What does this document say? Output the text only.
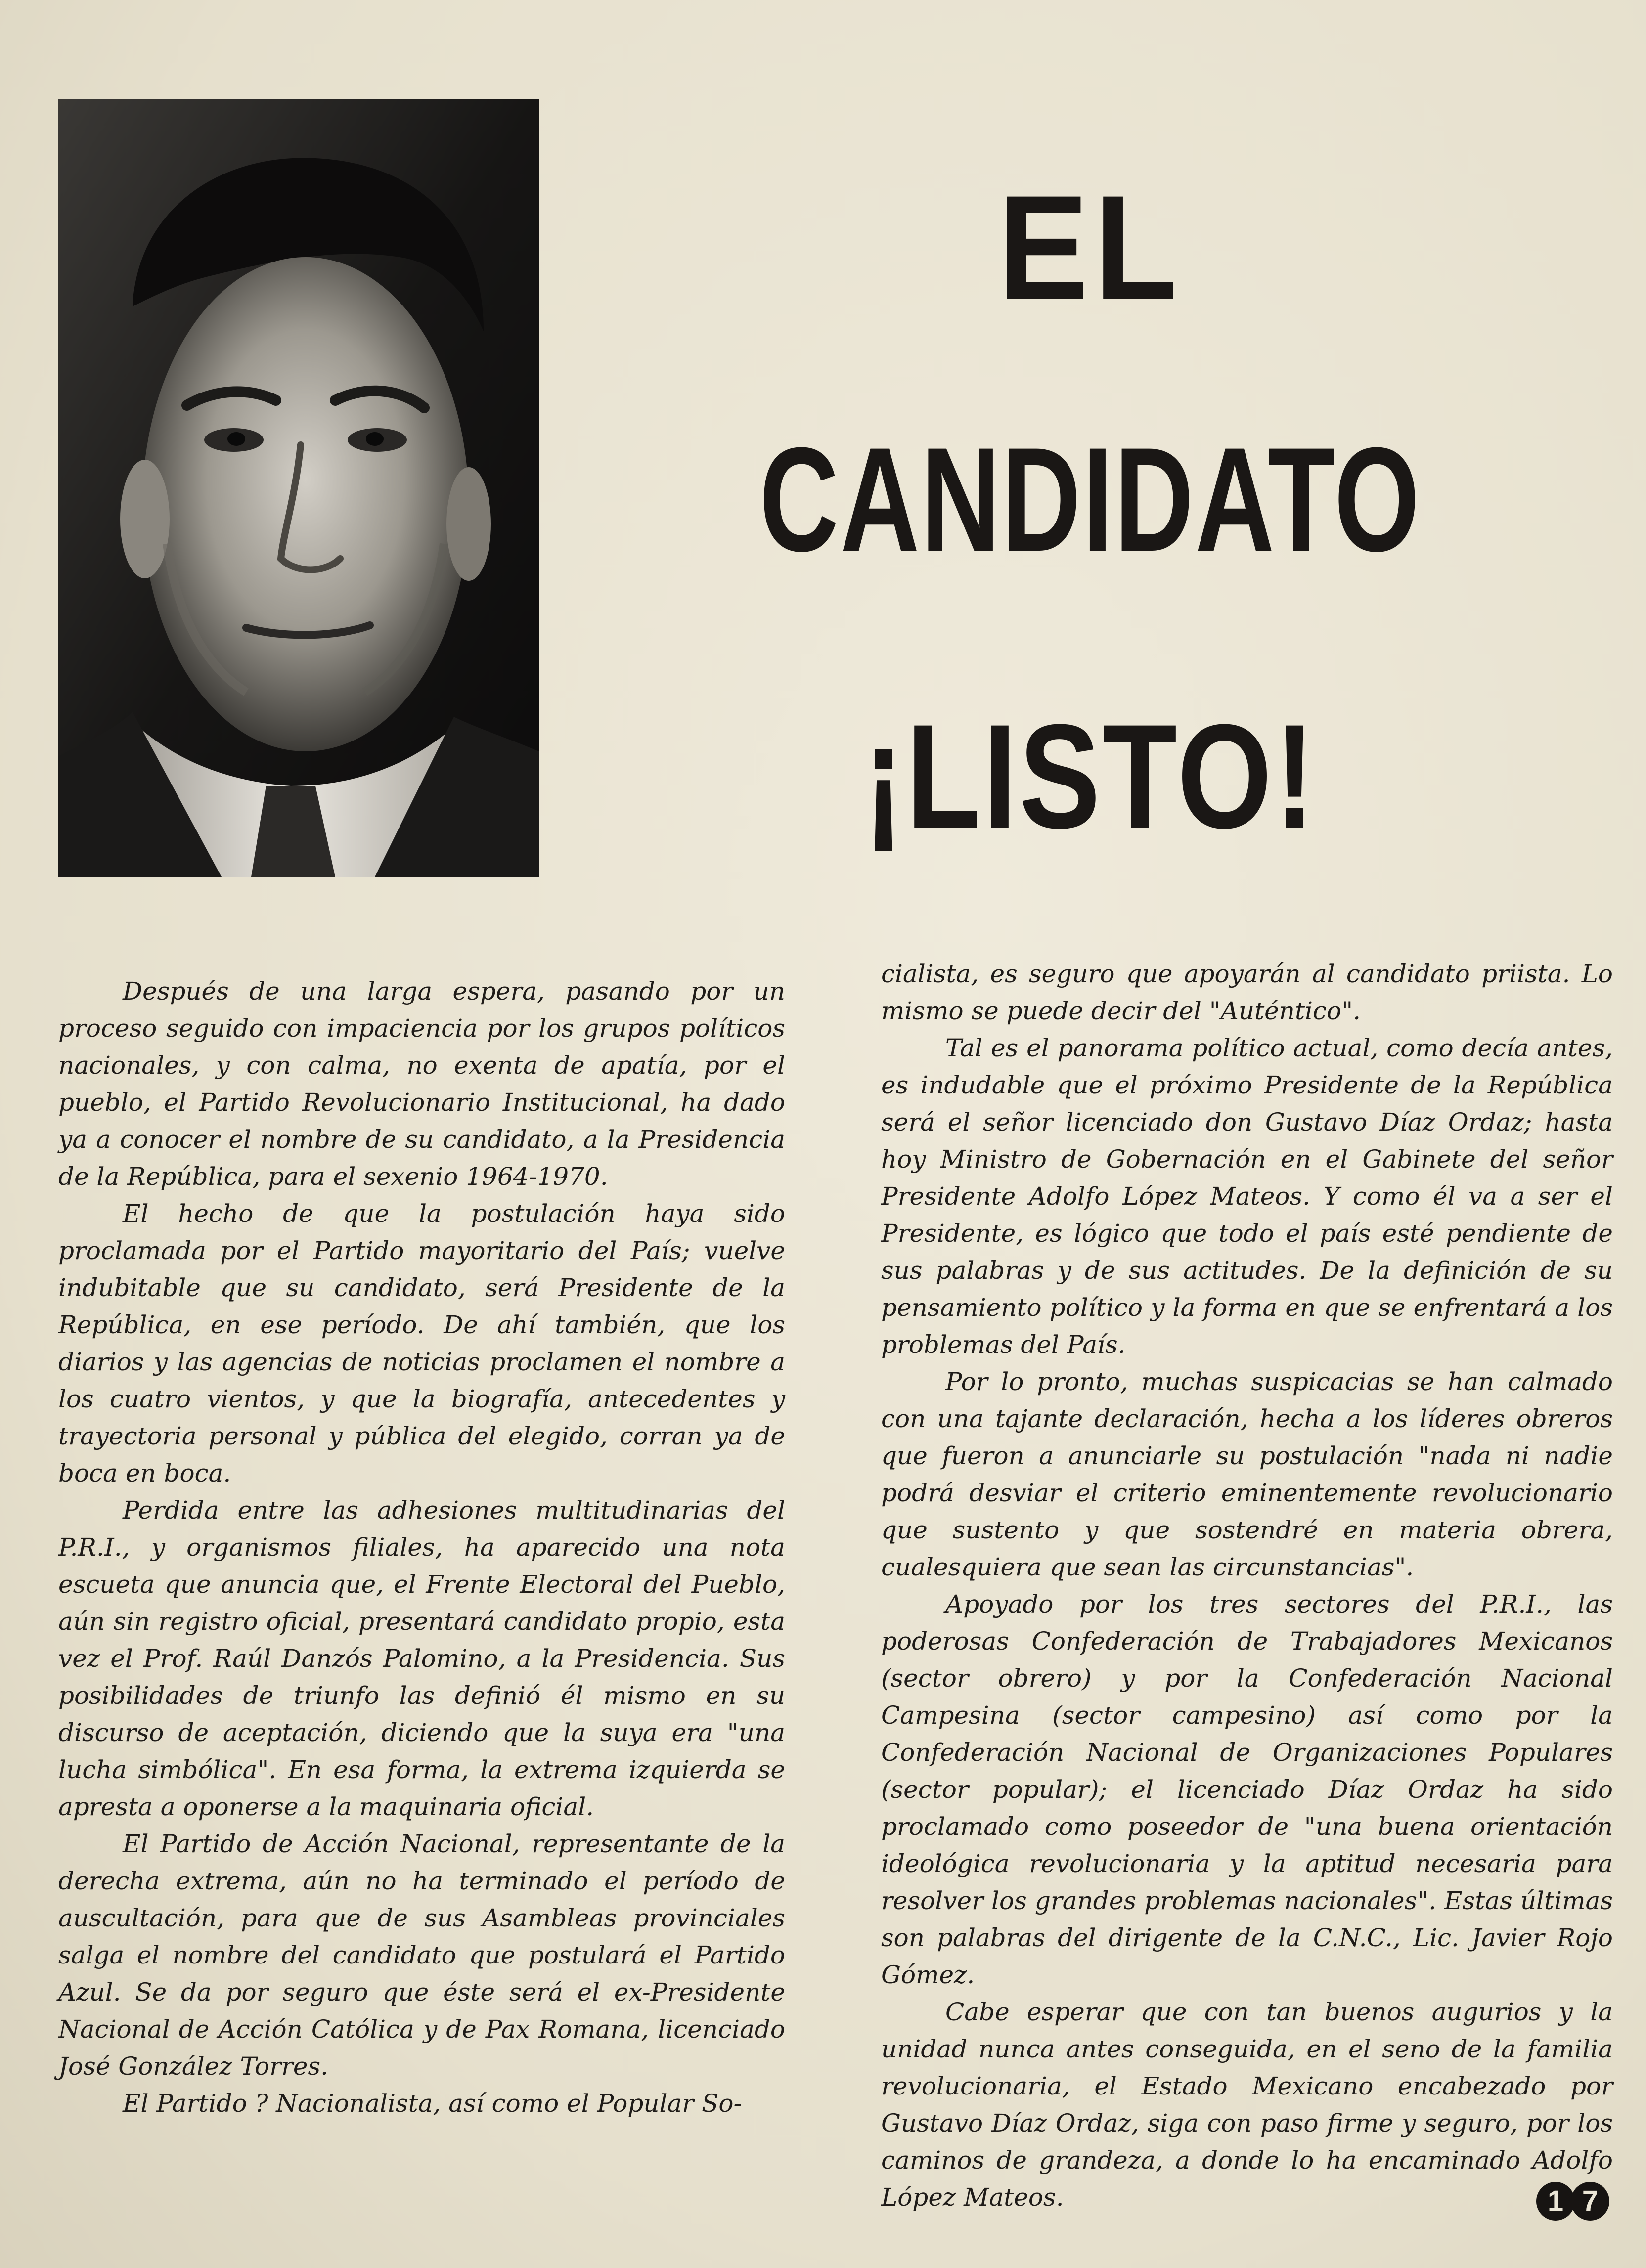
EL
CANDIDATO
¡LISTO!

Después de una larga espera, pasando por un proceso seguido con impaciencia por los grupos políticos nacionales, y con calma, no exenta de apatía, por el pueblo, el Partido Revolucionario Institucional, ha dado ya a conocer el nombre de su candidato, a la Presidencia de la República, para el sexenio 1964-1970.

El hecho de que la postulación haya sido proclamada por el Partido mayoritario del País; vuelve indubitable que su candidato, será Presidente de la República, en ese período. De ahí también, que los diarios y las agencias de noticias proclamen el nombre a los cuatro vientos, y que la biografía, antecedentes y trayectoria personal y pública del elegido, corran ya de boca en boca.

Perdida entre las adhesiones multitudinarias del P.R.I., y organismos filiales, ha aparecido una nota escueta que anuncia que, el Frente Electoral del Pueblo, aún sin registro oficial, presentará candidato propio, esta vez el Prof. Raúl Danzós Palomino, a la Presidencia. Sus posibilidades de triunfo las definió él mismo en su discurso de aceptación, diciendo que la suya era "una lucha simbólica". En esa forma, la extrema izquierda se apresta a oponerse a la maquinaria oficial.

El Partido de Acción Nacional, representante de la derecha extrema, aún no ha terminado el período de auscultación, para que de sus Asambleas provinciales salga el nombre del candidato que postulará el Partido Azul. Se da por seguro que éste será el ex-Presidente Nacional de Acción Católica y de Pax Romana, licenciado José González Torres.

El Partido ? Nacionalista, así como el Popular So-

cialista, es seguro que apoyarán al candidato priista. Lo mismo se puede decir del "Auténtico".

Tal es el panorama político actual, como decía antes, es indudable que el próximo Presidente de la República será el señor licenciado don Gustavo Díaz Ordaz; hasta hoy Ministro de Gobernación en el Gabinete del señor Presidente Adolfo López Mateos. Y como él va a ser el Presidente, es lógico que todo el país esté pendiente de sus palabras y de sus actitudes. De la definición de su pensamiento político y la forma en que se enfrentará a los problemas del País.

Por lo pronto, muchas suspicacias se han calmado con una tajante declaración, hecha a los líderes obreros que fueron a anunciarle su postulación "nada ni nadie podrá desviar el criterio eminentemente revolucionario que sustento y que sostendré en materia obrera, cualesquiera que sean las circunstancias".

Apoyado por los tres sectores del P.R.I., las poderosas Confederación de Trabajadores Mexicanos (sector obrero) y por la Confederación Nacional Campesina (sector campesino) así como por la Confederación Nacional de Organizaciones Populares (sector popular); el licenciado Díaz Ordaz ha sido proclamado como poseedor de "una buena orientación ideológica revolucionaria y la aptitud necesaria para resolver los grandes problemas nacionales". Estas últimas son palabras del dirigente de la C.N.C., Lic. Javier Rojo Gómez.

Cabe esperar que con tan buenos augurios y la unidad nunca antes conseguida, en el seno de la familia revolucionaria, el Estado Mexicano encabezado por Gustavo Díaz Ordaz, siga con paso firme y seguro, por los caminos de grandeza, a donde lo ha encaminado Adolfo López Mateos.	1 7
